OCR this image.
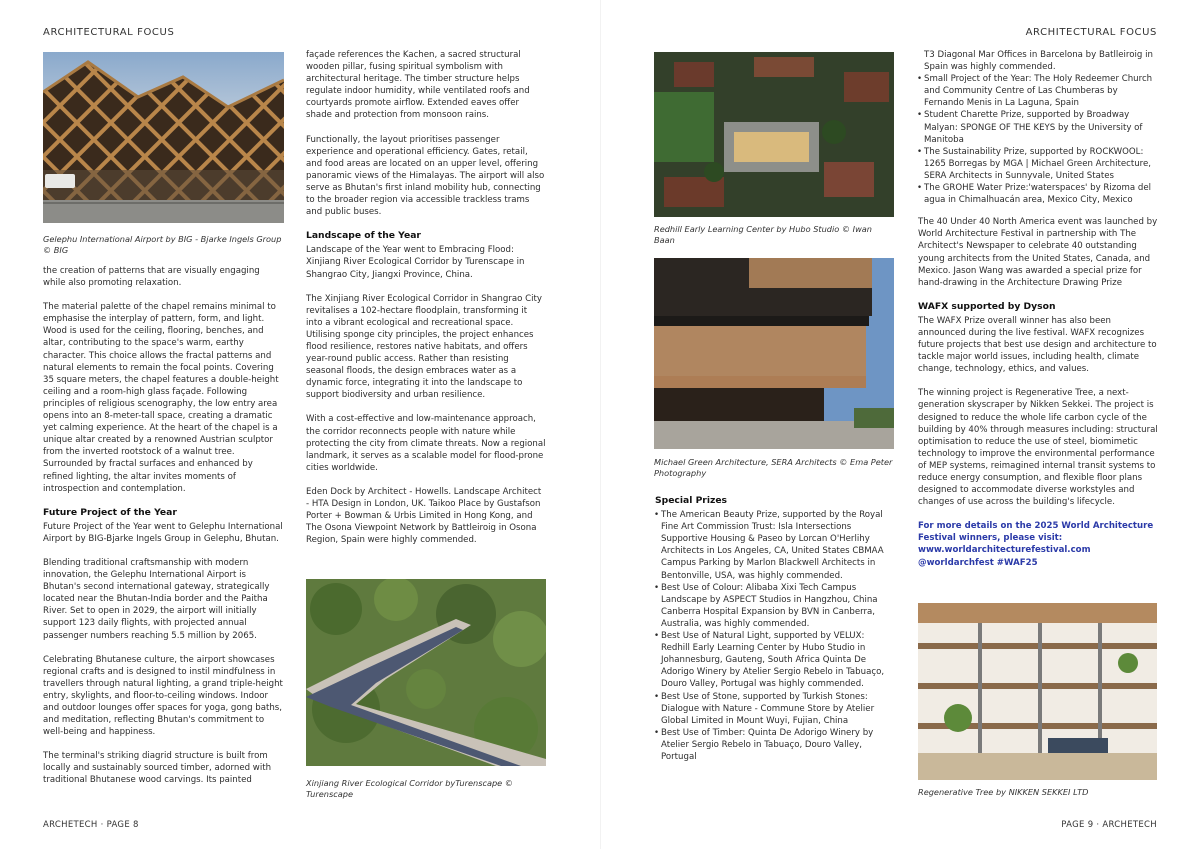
ARCHITECTURAL FOCUS	ARCHITECTURAL FOCUS
ARCHETECH · PAGE 8	PAGE 9 · ARCHETECH
Gelephu International Airport by BIG - Bjarke Ingels Group © BIG

the creation of patterns that are visually engaging while also promoting relaxation.

The material palette of the chapel remains minimal to emphasise the interplay of pattern, form, and light. Wood is used for the ceiling, flooring, benches, and altar, contributing to the space's warm, earthy character. This choice allows the fractal patterns and natural elements to remain the focal points. Covering 35 square meters, the chapel features a double-height ceiling and a room-high glass façade. Following principles of religious scenography, the low entry area opens into an 8-meter-tall space, creating a dramatic yet calming experience. At the heart of the chapel is a unique altar created by a renowned Austrian sculptor from the inverted rootstock of a walnut tree. Surrounded by fractal surfaces and enhanced by refined lighting, the altar invites moments of introspection and contemplation.

Future Project of the Year

Future Project of the Year went to Gelephu International Airport by BIG-Bjarke Ingels Group in Gelephu, Bhutan.

Blending traditional craftsmanship with modern innovation, the Gelephu International Airport is Bhutan's second international gateway, strategically located near the Bhutan-India border and the Paitha River. Set to open in 2029, the airport will initially support 123 daily flights, with projected annual passenger numbers reaching 5.5 million by 2065.

Celebrating Bhutanese culture, the airport showcases regional crafts and is designed to instil mindfulness in travellers through natural lighting, a grand triple-height entry, skylights, and floor-to-ceiling windows. Indoor and outdoor lounges offer spaces for yoga, gong baths, and meditation, reflecting Bhutan's commitment to well-being and happiness.

The terminal's striking diagrid structure is built from locally and sustainably sourced timber, adorned with traditional Bhutanese wood carvings. Its painted

façade references the Kachen, a sacred structural wooden pillar, fusing spiritual symbolism with architectural heritage. The timber structure helps regulate indoor humidity, while ventilated roofs and courtyards promote airflow. Extended eaves offer shade and protection from monsoon rains.

Functionally, the layout prioritises passenger experience and operational efficiency. Gates, retail, and food areas are located on an upper level, offering panoramic views of the Himalayas. The airport will also serve as Bhutan's first inland mobility hub, connecting to the broader region via accessible trackless trams and public buses.

Landscape of the Year

Landscape of the Year went to Embracing Flood: Xinjiang River Ecological Corridor by Turenscape in Shangrao City, Jiangxi Province, China.

The Xinjiang River Ecological Corridor in Shangrao City revitalises a 102-hectare floodplain, transforming it into a vibrant ecological and recreational space. Utilising sponge city principles, the project enhances flood resilience, restores native habitats, and offers year-round public access. Rather than resisting seasonal floods, the design embraces water as a dynamic force, integrating it into the landscape to support biodiversity and urban resilience.

With a cost-effective and low-maintenance approach, the corridor reconnects people with nature while protecting the city from climate threats. Now a regional landmark, it serves as a scalable model for flood-prone cities worldwide.

Eden Dock by Architect - Howells. Landscape Architect - HTA Design in London, UK. Taikoo Place by Gustafson Porter + Bowman & Urbis Limited in Hong Kong, and The Osona Viewpoint Network by Battleiroig in Osona Region, Spain were highly commended.

Xinjiang River Ecological Corridor byTurenscape © Turenscape
Redhill Early Learning Center by Hubo Studio © Iwan Baan
Michael Green Architecture, SERA Architects © Ema Peter Photography
Special Prizes
• The American Beauty Prize, supported by the Royal Fine Art Commission Trust: Isla Intersections Supportive Housing & Paseo by Lorcan O'Herlihy Architects in Los Angeles, CA, United States CBMAA Campus Parking by Marlon Blackwell Architects in Bentonville, USA, was highly commended.
• Best Use of Colour: Alibaba Xixi Tech Campus Landscape by ASPECT Studios in Hangzhou, China Canberra Hospital Expansion by BVN in Canberra, Australia, was highly commended.
• Best Use of Natural Light, supported by VELUX: Redhill Early Learning Center by Hubo Studio in Johannesburg, Gauteng, South Africa Quinta De Adorigo Winery by Atelier Sergio Rebelo in Tabuaço, Douro Valley, Portugal was highly commended.
• Best Use of Stone, supported by Turkish Stones: Dialogue with Nature - Commune Store by Atelier Global Limited in Mount Wuyi, Fujian, China
• Best Use of Timber: Quinta De Adorigo Winery by Atelier Sergio Rebelo in Tabuaço, Douro Valley, Portugal
T3 Diagonal Mar Offices in Barcelona by Batlleiroig in Spain was highly commended.
• Small Project of the Year: The Holy Redeemer Church and Community Centre of Las Chumberas by Fernando Menis in La Laguna, Spain
• Student Charette Prize, supported by Broadway Malyan: SPONGE OF THE KEYS by the University of Manitoba
• The Sustainability Prize, supported by ROCKWOOL: 1265 Borregas by MGA | Michael Green Architecture, SERA Architects in Sunnyvale, United States
• The GROHE Water Prize:'waterspaces' by Rizoma del agua in Chimalhuacán area, Mexico City, Mexico

The 40 Under 40 North America event was launched by World Architecture Festival in partnership with The Architect's Newspaper to celebrate 40 outstanding young architects from the United States, Canada, and Mexico. Jason Wang was awarded a special prize for hand-drawing in the Architecture Drawing Prize

WAFX supported by Dyson

The WAFX Prize overall winner has also been announced during the live festival. WAFX recognizes future projects that best use design and architecture to tackle major world issues, including health, climate change, technology, ethics, and values.

The winning project is Regenerative Tree, a next-generation skyscraper by Nikken Sekkei. The project is designed to reduce the whole life carbon cycle of the building by 40% through measures including: structural optimisation to reduce the use of steel, biomimetic technology to improve the environmental performance of MEP systems, reimagined internal transit systems to reduce energy consumption, and flexible floor plans designed to accommodate diverse workstyles and changes of use across the building's lifecycle.

For more details on the 2025 World Architecture Festival winners, please visit:
www.worldarchitecturefestival.com
@worldarchfest #WAF25
Regenerative Tree by NIKKEN SEKKEI LTD
